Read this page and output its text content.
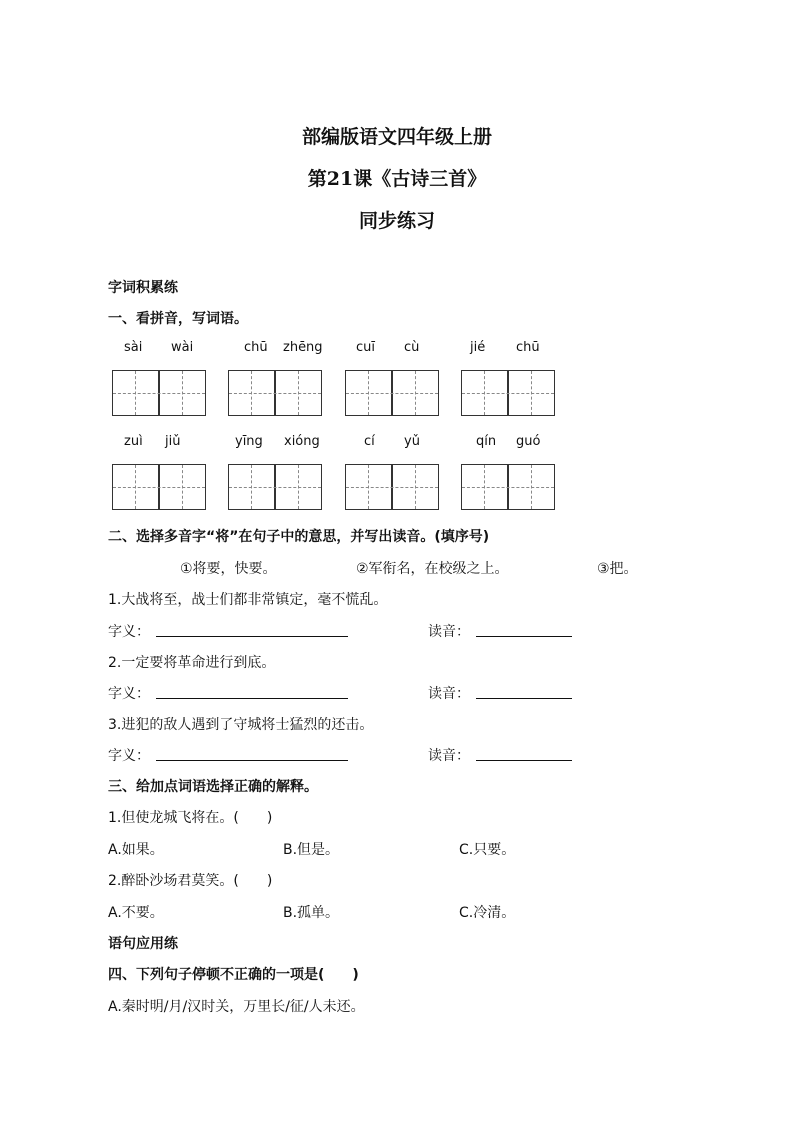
部编版语文四年级上册
第21课《古诗三首》
同步练习
字词积累练
一、看拼音，写词语。
sài wài	chū zhēng	cuī cù	jié chū
zuì jiǔ	yīng xióng	cí yǔ	qín guó
二、选择多音字“将”在句子中的意思，并写出读音。(填序号)
①将要，快要。	②军衔名，在校级之上。	③把。
1.大战将至，战士们都非常镇定，毫不慌乱。
字义：	读音：
2.一定要将革命进行到底。
字义：	读音：
3.进犯的敌人遇到了守城将士猛烈的还击。
字义：	读音：
三、给加点词语选择正确的解释。
1.但使龙城飞将在。(　　)
A.如果。	B.但是。	C.只要。
2.醉卧沙场君莫笑。(　　)
A.不要。	B.孤单。	C.冷清。
语句应用练
四、下列句子停顿不正确的一项是(　　)
A.秦时明/月/汉时关，万里长/征/人未还。
